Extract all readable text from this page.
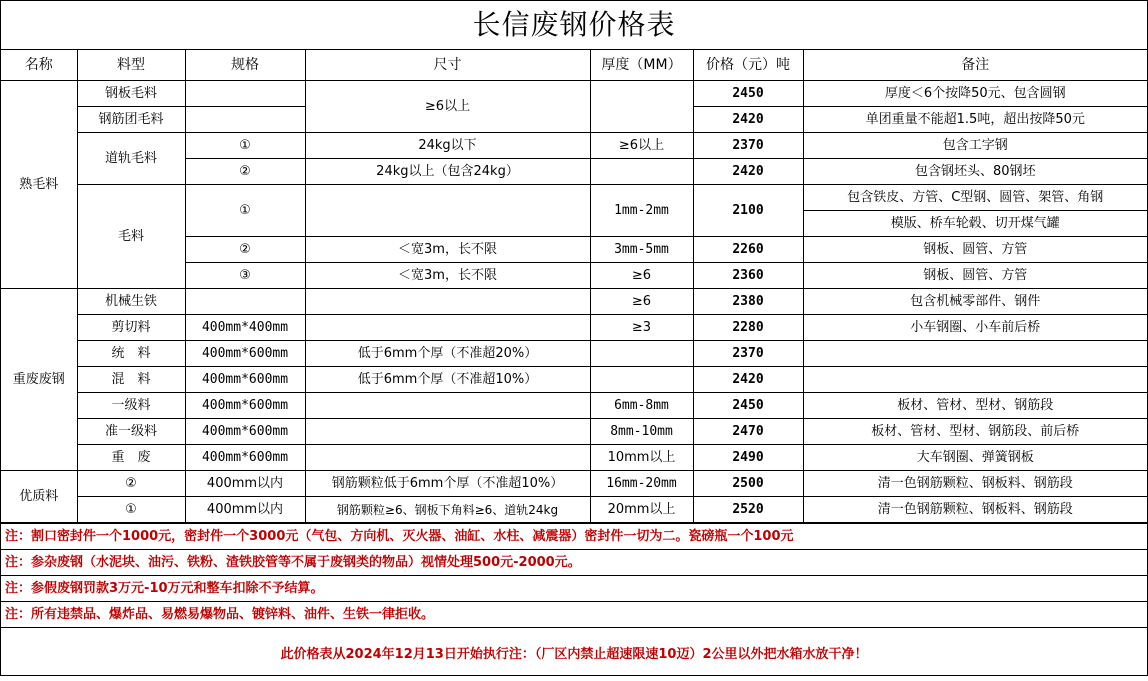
长信废钢价格表
名称	料型	规格	尺寸	厚度（MM）	价格（元）吨	备注
熟毛料	钢板毛料		≥6以上		2450	厚度＜6个按降50元、包含圆钢
	钢筋团毛料				2420	单团重量不能超1.5吨，超出按降50元
	道轨毛料	①	24kg以下	≥6以上	2370	包含工字钢
		②	24kg以上（包含24kg）		2420	包含钢坯头、80钢坯
	毛料	①		1mm-2mm	2100	包含铁皮、方管、C型钢、圆管、架管、角钢
						模版、桥车轮毂、切开煤气罐
		②	＜宽3m，长不限	3mm-5mm	2260	钢板、圆管、方管
		③	＜宽3m，长不限	≥6	2360	钢板、圆管、方管
重废废钢	机械生铁			≥6	2380	包含机械零部件、钢件
	剪切料	400mm*400mm		≥3	2280	小车钢圈、小车前后桥
	统　料	400mm*600mm	低于6mm个厚（不准超20%）		2370	
	混　料	400mm*600mm	低于6mm个厚（不准超10%）		2420	
	一级料	400mm*600mm		6mm-8mm	2450	板材、管材、型材、钢筋段
	准一级料	400mm*600mm		8mm-10mm	2470	板材、管材、型材、钢筋段、前后桥
	重　废	400mm*600mm		10mm以上	2490	大车钢圈、弹簧钢板
优质料	②	400mm以内	钢筋颗粒低于6mm个厚（不准超10%）	16mm-20mm	2500	清一色钢筋颗粒、钢板料、钢筋段
	①	400mm以内	钢筋颗粒≥6、钢板下角料≥6、道轨24kg	20mm以上	2520	清一色钢筋颗粒、钢板料、钢筋段
注：割口密封件一个1000元，密封件一个3000元（气包、方向机、灭火器、油缸、水柱、减震器）密封件一切为二。瓷磅瓶一个100元
注：参杂废钢（水泥块、油污、铁粉、渣铁胶管等不属于废钢类的物品）视情处理500元-2000元。
注：参假废钢罚款3万元-10万元和整车扣除不予结算。
注：所有违禁品、爆炸品、易燃易爆物品、镀锌料、油件、生铁一律拒收。
此价格表从2024年12月13日开始执行注：（厂区内禁止超速限速10迈）2公里以外把水箱水放干净！
